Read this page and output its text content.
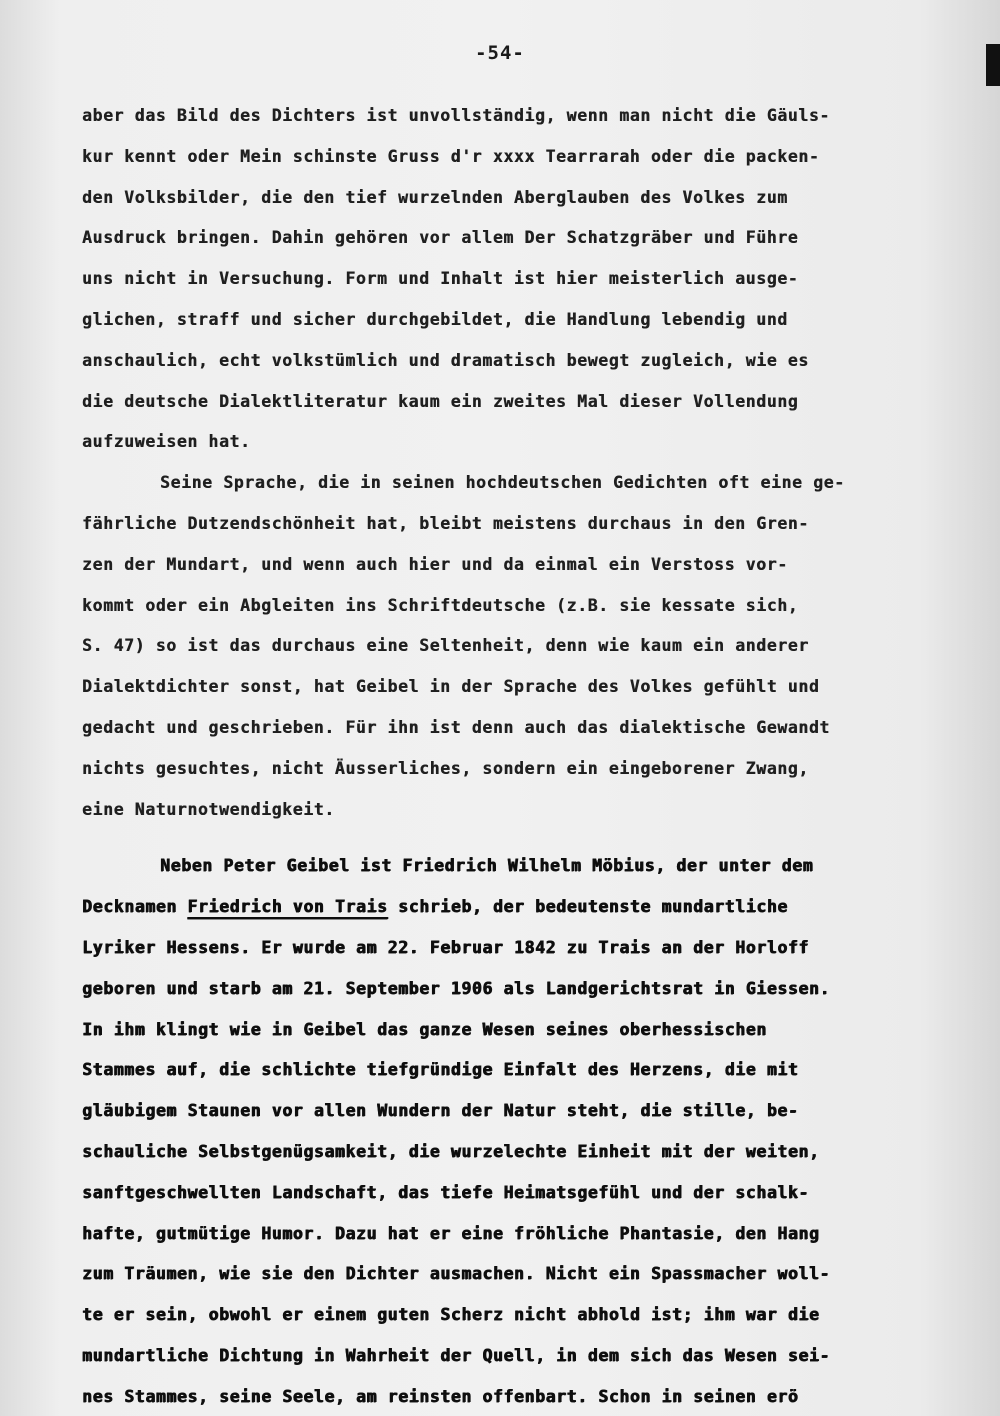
-54-
aber das Bild des Dichters ist unvollständig, wenn man nicht die Gäuls-
kur kennt oder Mein schinste Gruss d'r xxxx Tearrarah oder die packen-
den Volksbilder, die den tief wurzelnden Aberglauben des Volkes zum
Ausdruck bringen. Dahin gehören vor allem Der Schatzgräber und Führe
uns nicht in Versuchung. Form und Inhalt ist hier meisterlich ausge-
glichen, straff und sicher durchgebildet, die Handlung lebendig und
anschaulich, echt volkstümlich und dramatisch bewegt zugleich, wie es
die deutsche Dialektliteratur kaum ein zweites Mal dieser Vollendung
aufzuweisen hat.
Seine Sprache, die in seinen hochdeutschen Gedichten oft eine ge-
fährliche Dutzendschönheit hat, bleibt meistens durchaus in den Gren-
zen der Mundart, und wenn auch hier und da einmal ein Verstoss vor-
kommt oder ein Abgleiten ins Schriftdeutsche (z.B. sie kessate sich,
S. 47) so ist das durchaus eine Seltenheit, denn wie kaum ein anderer
Dialektdichter sonst, hat Geibel in der Sprache des Volkes gefühlt und
gedacht und geschrieben. Für ihn ist denn auch das dialektische Gewandt
nichts gesuchtes, nicht Äusserliches, sondern ein eingeborener Zwang,
eine Naturnotwendigkeit.
Neben Peter Geibel ist Friedrich Wilhelm Möbius, der unter dem
Decknamen Friedrich von Trais schrieb, der bedeutenste mundartliche
Lyriker Hessens. Er wurde am 22. Februar 1842 zu Trais an der Horloff
geboren und starb am 21. September 1906 als Landgerichtsrat in Giessen.
In ihm klingt wie in Geibel das ganze Wesen seines oberhessischen
Stammes auf, die schlichte tiefgründige Einfalt des Herzens, die mit
gläubigem Staunen vor allen Wundern der Natur steht, die stille, be-
schauliche Selbstgenügsamkeit, die wurzelechte Einheit mit der weiten,
sanftgeschwellten Landschaft, das tiefe Heimatsgefühl und der schalk-
hafte, gutmütige Humor. Dazu hat er eine fröhliche Phantasie, den Hang
zum Träumen, wie sie den Dichter ausmachen. Nicht ein Spassmacher woll-
te er sein, obwohl er einem guten Scherz nicht abhold ist; ihm war die
mundartliche Dichtung in Wahrheit der Quell, in dem sich das Wesen sei-
nes Stammes, seine Seele, am reinsten offenbart. Schon in seinen erö
